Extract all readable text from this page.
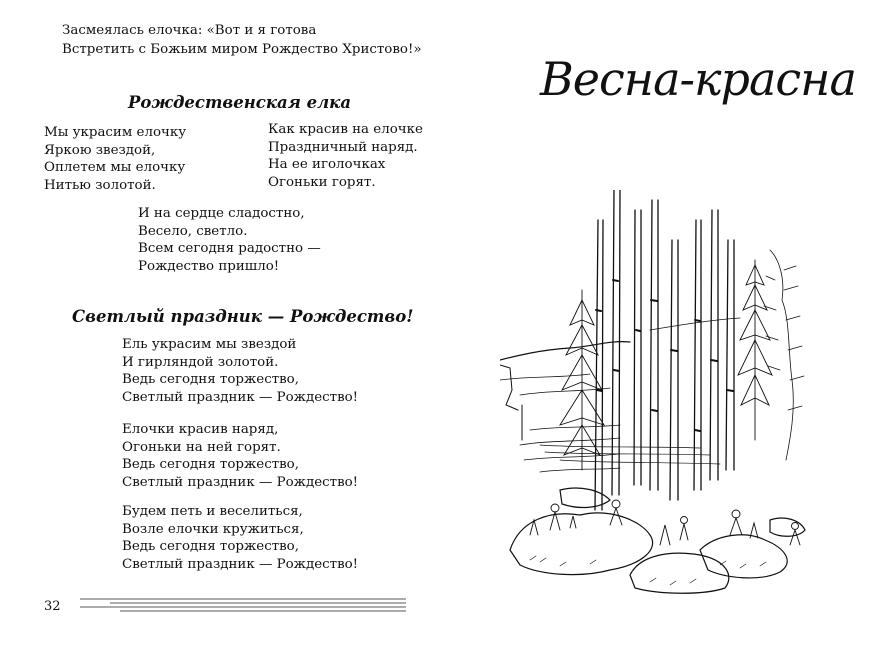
Засмеялась елочка: «Вот и я готова
Встретить с Божьим миром Рождество Христово!»
Рождественская елка
Мы украсим елочку
Яркою звездой,
Оплетем мы елочку
Нитью золотой.
Как красив на елочке
Праздничный наряд.
На ее иголочках
Огоньки горят.
И на сердце сладостно,
Весело, светло.
Всем сегодня радостно —
Рождество пришло!
Светлый праздник — Рождество!
Ель украсим мы звездой
И гирляндой золотой.
Ведь сегодня торжество,
Светлый праздник — Рождество!
Елочки красив наряд,
Огоньки на ней горят.
Ведь сегодня торжество,
Светлый праздник — Рождество!
Будем петь и веселиться,
Возле елочки кружиться,
Ведь сегодня торжество,
Светлый праздник — Рождество!
32
Весна-красна
